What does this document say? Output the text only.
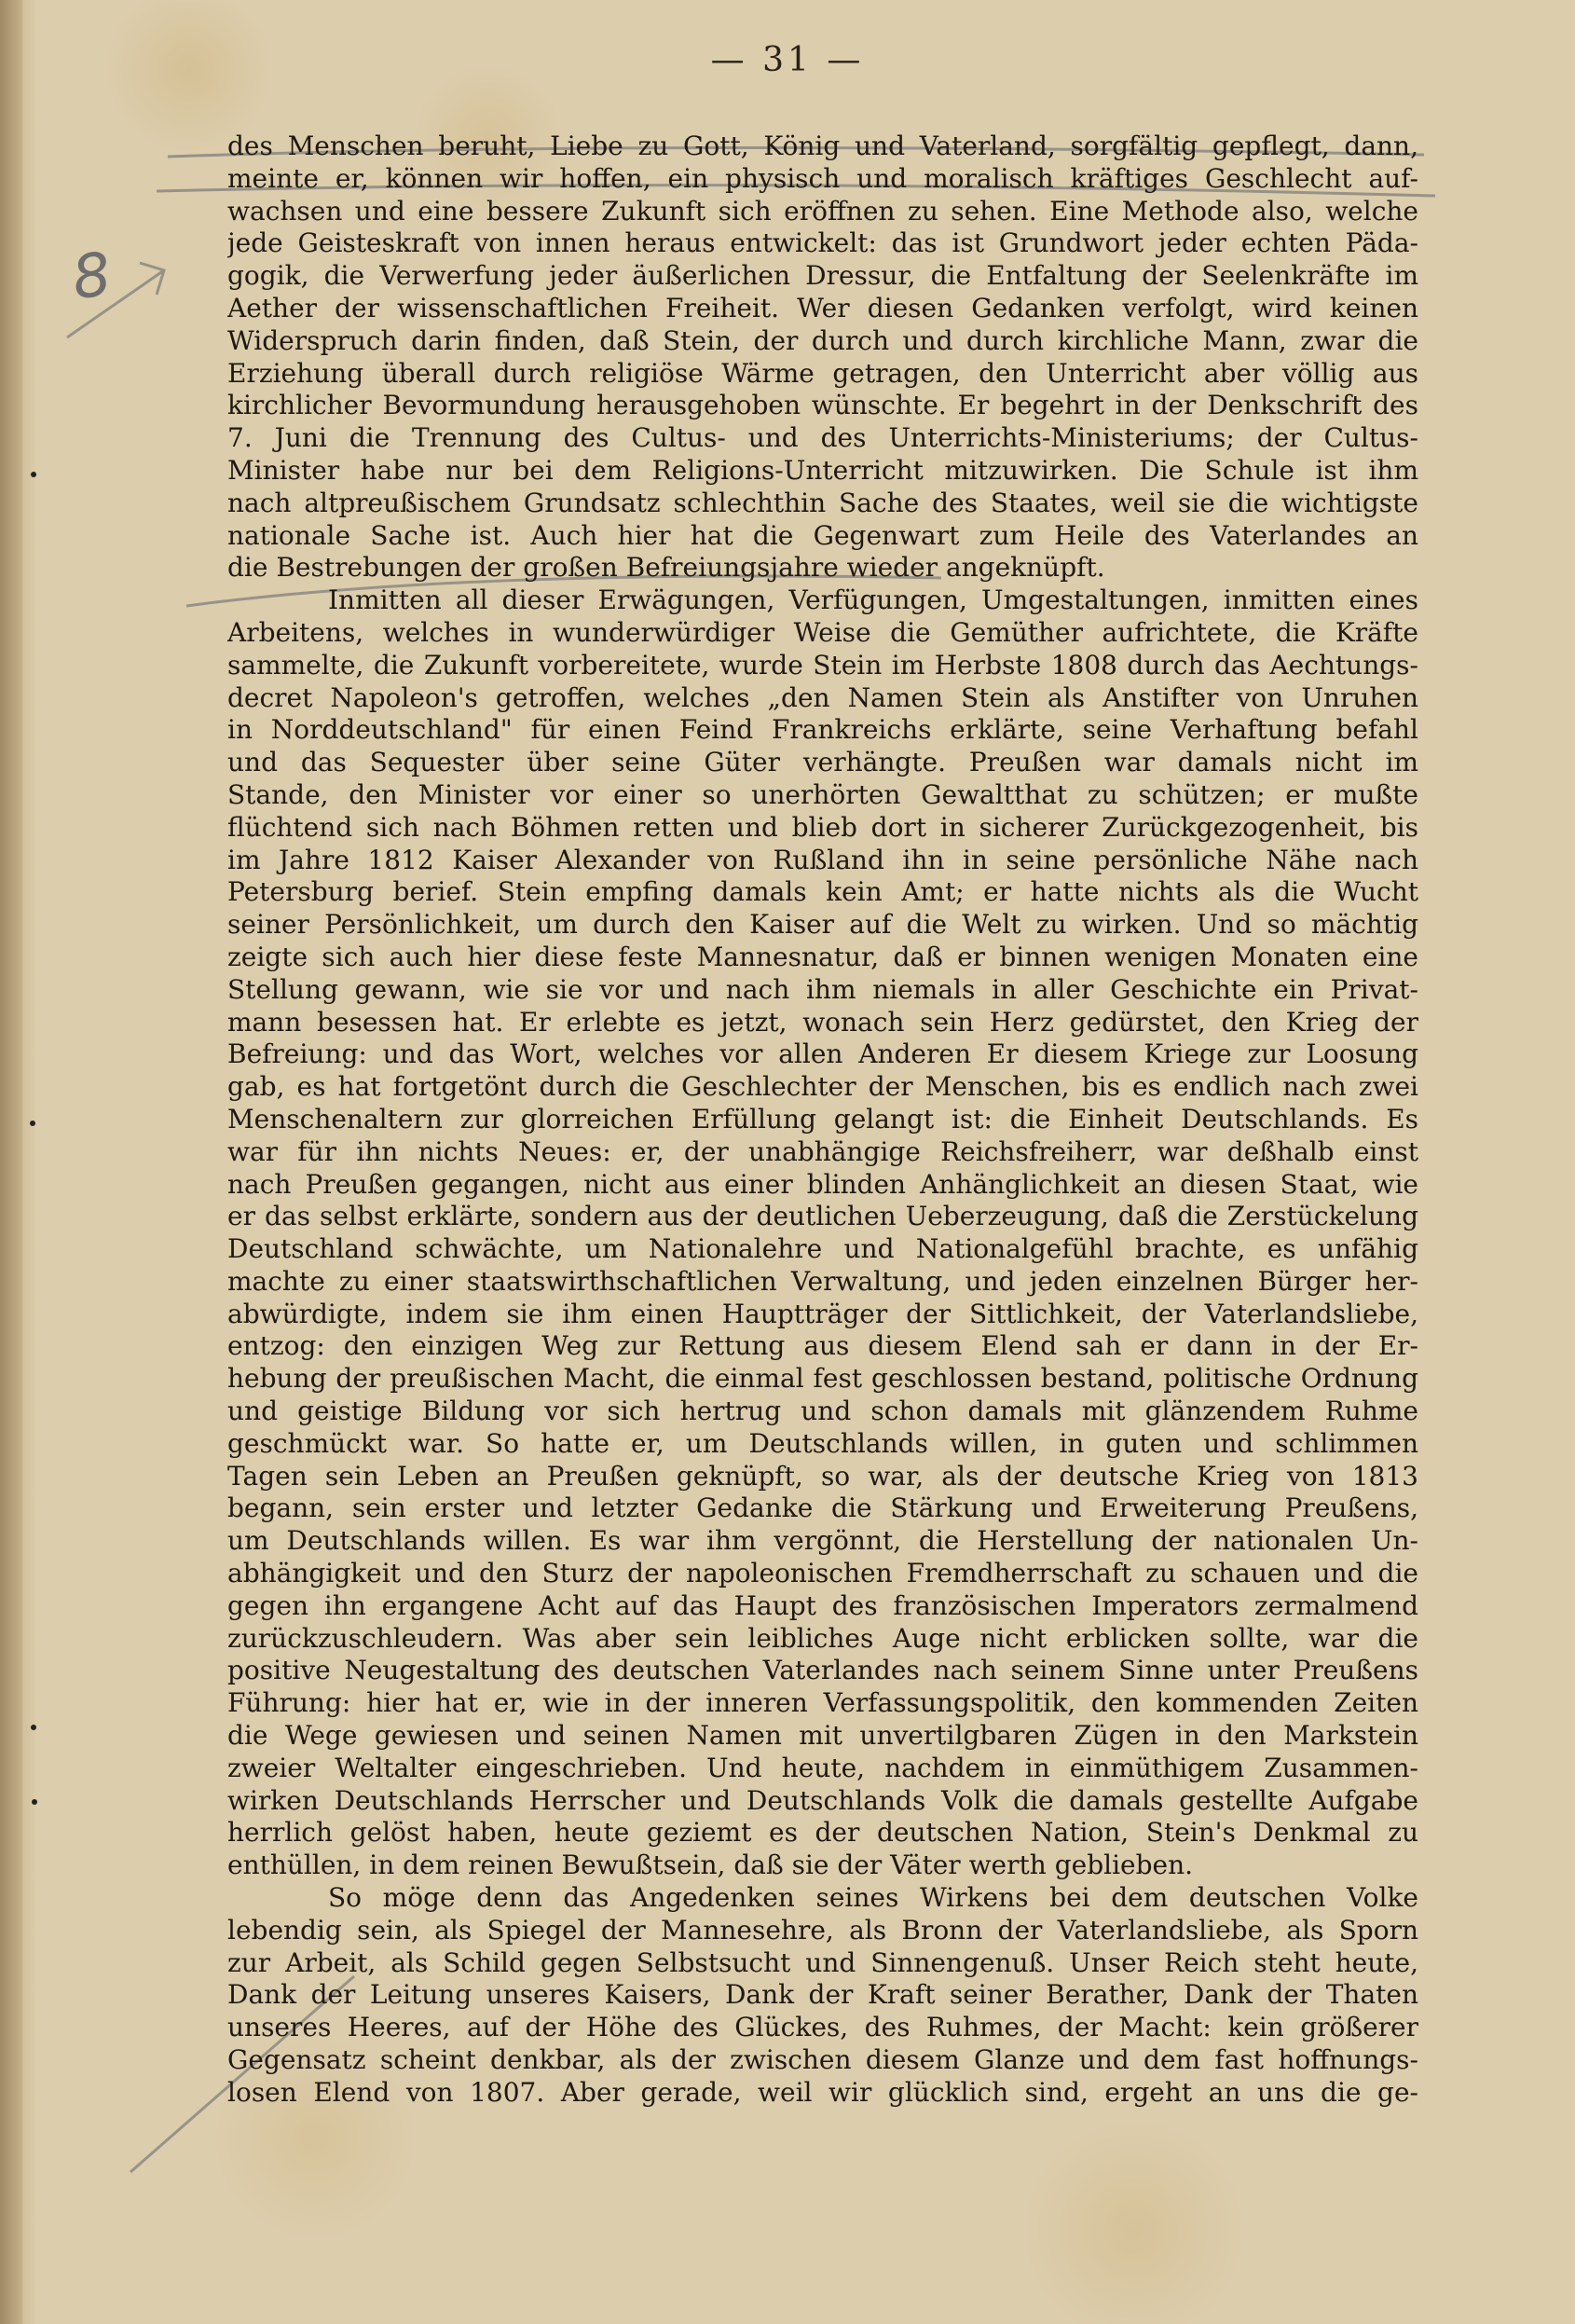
— 31 —
8
des Menschen beruht, Liebe zu Gott, König und Vaterland, sorgfältig gepflegt, dann,
meinte er, können wir hoffen, ein physisch und moralisch kräftiges Geschlecht auf-
wachsen und eine bessere Zukunft sich eröffnen zu sehen. Eine Methode also, welche
jede Geisteskraft von innen heraus entwickelt: das ist Grundwort jeder echten Päda-
gogik, die Verwerfung jeder äußerlichen Dressur, die Entfaltung der Seelenkräfte im
Aether der wissenschaftlichen Freiheit. Wer diesen Gedanken verfolgt, wird keinen
Widerspruch darin finden, daß Stein, der durch und durch kirchliche Mann, zwar die
Erziehung überall durch religiöse Wärme getragen, den Unterricht aber völlig aus
kirchlicher Bevormundung herausgehoben wünschte. Er begehrt in der Denkschrift des
7. Juni die Trennung des Cultus- und des Unterrichts-Ministeriums; der Cultus-
Minister habe nur bei dem Religions-Unterricht mitzuwirken. Die Schule ist ihm
nach altpreußischem Grundsatz schlechthin Sache des Staates, weil sie die wichtigste
nationale Sache ist. Auch hier hat die Gegenwart zum Heile des Vaterlandes an
die Bestrebungen der großen Befreiungsjahre wieder angeknüpft.
Inmitten all dieser Erwägungen, Verfügungen, Umgestaltungen, inmitten eines
Arbeitens, welches in wunderwürdiger Weise die Gemüther aufrichtete, die Kräfte
sammelte, die Zukunft vorbereitete, wurde Stein im Herbste 1808 durch das Aechtungs-
decret Napoleon's getroffen, welches „den Namen Stein als Anstifter von Unruhen
in Norddeutschland" für einen Feind Frankreichs erklärte, seine Verhaftung befahl
und das Sequester über seine Güter verhängte. Preußen war damals nicht im
Stande, den Minister vor einer so unerhörten Gewaltthat zu schützen; er mußte
flüchtend sich nach Böhmen retten und blieb dort in sicherer Zurückgezogenheit, bis
im Jahre 1812 Kaiser Alexander von Rußland ihn in seine persönliche Nähe nach
Petersburg berief. Stein empfing damals kein Amt; er hatte nichts als die Wucht
seiner Persönlichkeit, um durch den Kaiser auf die Welt zu wirken. Und so mächtig
zeigte sich auch hier diese feste Mannesnatur, daß er binnen wenigen Monaten eine
Stellung gewann, wie sie vor und nach ihm niemals in aller Geschichte ein Privat-
mann besessen hat. Er erlebte es jetzt, wonach sein Herz gedürstet, den Krieg der
Befreiung: und das Wort, welches vor allen Anderen Er diesem Kriege zur Loosung
gab, es hat fortgetönt durch die Geschlechter der Menschen, bis es endlich nach zwei
Menschenaltern zur glorreichen Erfüllung gelangt ist: die Einheit Deutschlands. Es
war für ihn nichts Neues: er, der unabhängige Reichsfreiherr, war deßhalb einst
nach Preußen gegangen, nicht aus einer blinden Anhänglichkeit an diesen Staat, wie
er das selbst erklärte, sondern aus der deutlichen Ueberzeugung, daß die Zerstückelung
Deutschland schwächte, um Nationalehre und Nationalgefühl brachte, es unfähig
machte zu einer staatswirthschaftlichen Verwaltung, und jeden einzelnen Bürger her-
abwürdigte, indem sie ihm einen Hauptträger der Sittlichkeit, der Vaterlandsliebe,
entzog: den einzigen Weg zur Rettung aus diesem Elend sah er dann in der Er-
hebung der preußischen Macht, die einmal fest geschlossen bestand, politische Ordnung
und geistige Bildung vor sich hertrug und schon damals mit glänzendem Ruhme
geschmückt war. So hatte er, um Deutschlands willen, in guten und schlimmen
Tagen sein Leben an Preußen geknüpft, so war, als der deutsche Krieg von 1813
begann, sein erster und letzter Gedanke die Stärkung und Erweiterung Preußens,
um Deutschlands willen. Es war ihm vergönnt, die Herstellung der nationalen Un-
abhängigkeit und den Sturz der napoleonischen Fremdherrschaft zu schauen und die
gegen ihn ergangene Acht auf das Haupt des französischen Imperators zermalmend
zurückzuschleudern. Was aber sein leibliches Auge nicht erblicken sollte, war die
positive Neugestaltung des deutschen Vaterlandes nach seinem Sinne unter Preußens
Führung: hier hat er, wie in der inneren Verfassungspolitik, den kommenden Zeiten
die Wege gewiesen und seinen Namen mit unvertilgbaren Zügen in den Markstein
zweier Weltalter eingeschrieben. Und heute, nachdem in einmüthigem Zusammen-
wirken Deutschlands Herrscher und Deutschlands Volk die damals gestellte Aufgabe
herrlich gelöst haben, heute geziemt es der deutschen Nation, Stein's Denkmal zu
enthüllen, in dem reinen Bewußtsein, daß sie der Väter werth geblieben.
So möge denn das Angedenken seines Wirkens bei dem deutschen Volke
lebendig sein, als Spiegel der Mannesehre, als Bronn der Vaterlandsliebe, als Sporn
zur Arbeit, als Schild gegen Selbstsucht und Sinnengenuß. Unser Reich steht heute,
Dank der Leitung unseres Kaisers, Dank der Kraft seiner Berather, Dank der Thaten
unseres Heeres, auf der Höhe des Glückes, des Ruhmes, der Macht: kein größerer
Gegensatz scheint denkbar, als der zwischen diesem Glanze und dem fast hoffnungs-
losen Elend von 1807. Aber gerade, weil wir glücklich sind, ergeht an uns die ge-
